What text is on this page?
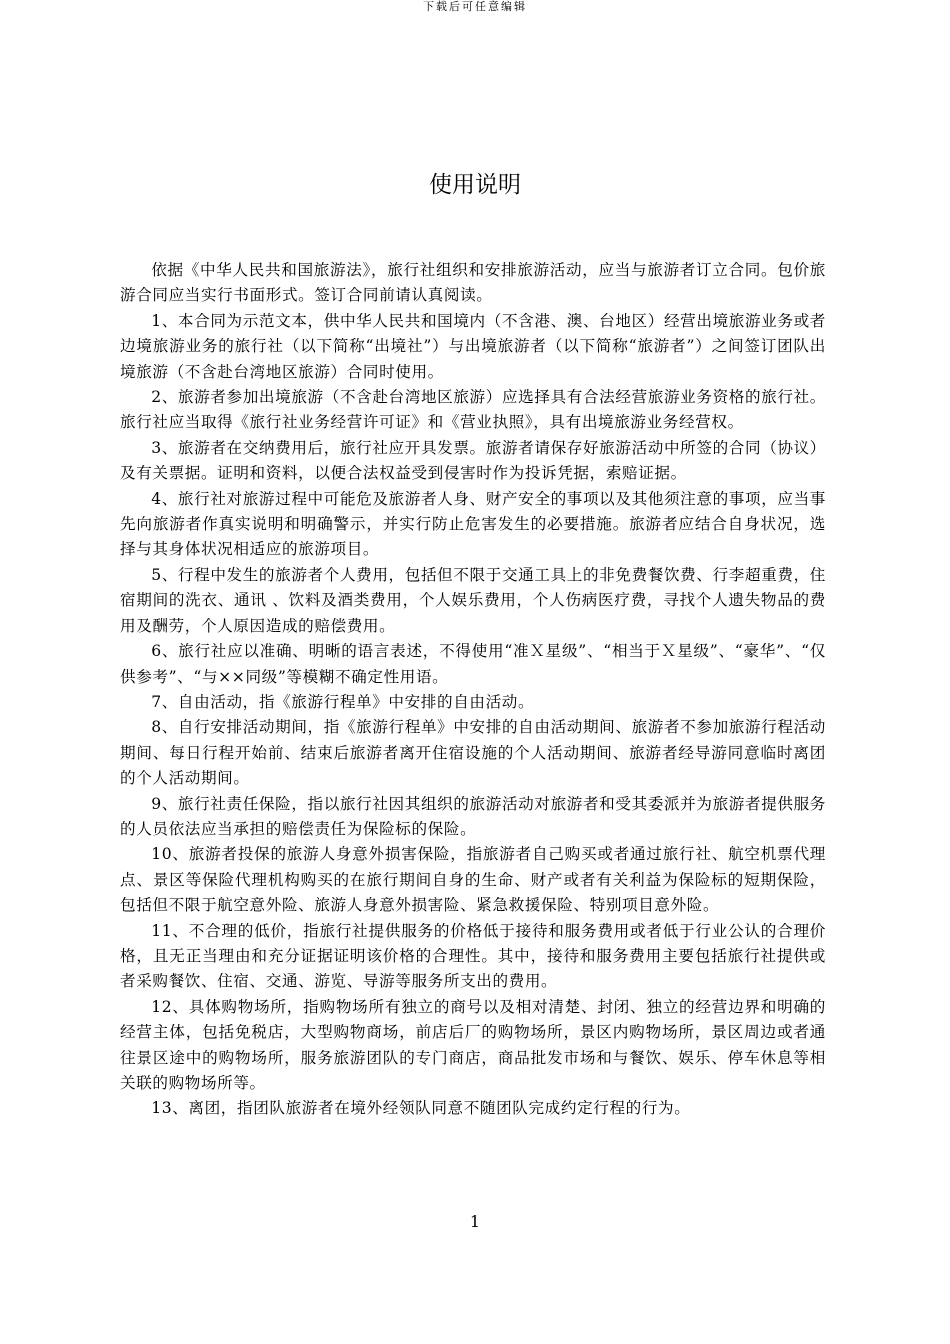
下载后可任意编辑
使用说明

依据《中华人民共和国旅游法》，旅行社组织和安排旅游活动，应当与旅游者订立合同。包价旅游合同应当实行书面形式。签订合同前请认真阅读。

1、本合同为示范文本，供中华人民共和国境内（不含港、澳、台地区）经营出境旅游业务或者边境旅游业务的旅行社（以下简称“出境社”）与出境旅游者（以下简称“旅游者”）之间签订团队出境旅游（不含赴台湾地区旅游）合同时使用。

2、旅游者参加出境旅游（不含赴台湾地区旅游）应选择具有合法经营旅游业务资格的旅行社。旅行社应当取得《旅行社业务经营许可证》和《营业执照》，具有出境旅游业务经营权。

3、旅游者在交纳费用后，旅行社应开具发票。旅游者请保存好旅游活动中所签的合同（协议）及有关票据。证明和资料，以便合法权益受到侵害时作为投诉凭据，索赔证据。

4、旅行社对旅游过程中可能危及旅游者人身、财产安全的事项以及其他须注意的事项，应当事先向旅游者作真实说明和明确警示，并实行防止危害发生的必要措施。旅游者应结合自身状况，选择与其身体状况相适应的旅游项目。

5、行程中发生的旅游者个人费用，包括但不限于交通工具上的非免费餐饮费、行李超重费，住宿期间的洗衣、通讯 、饮料及酒类费用，个人娱乐费用，个人伤病医疗费，寻找个人遗失物品的费用及酬劳，个人原因造成的赔偿费用。

6、旅行社应以准确、明晰的语言表述，不得使用“准Ｘ星级”、“相当于Ｘ星级”、“豪华”、“仅供参考”、“与××同级”等模糊不确定性用语。

7、自由活动，指《旅游行程单》中安排的自由活动。

8、自行安排活动期间，指《旅游行程单》中安排的自由活动期间、旅游者不参加旅游行程活动期间、每日行程开始前、结束后旅游者离开住宿设施的个人活动期间、旅游者经导游同意临时离团的个人活动期间。

9、旅行社责任保险，指以旅行社因其组织的旅游活动对旅游者和受其委派并为旅游者提供服务的人员依法应当承担的赔偿责任为保险标的保险。

10、旅游者投保的旅游人身意外损害保险，指旅游者自己购买或者通过旅行社、航空机票代理点、景区等保险代理机构购买的在旅行期间自身的生命、财产或者有关利益为保险标的短期保险，包括但不限于航空意外险、旅游人身意外损害险、紧急救援保险、特别项目意外险。

11、不合理的低价，指旅行社提供服务的价格低于接待和服务费用或者低于行业公认的合理价格，且无正当理由和充分证据证明该价格的合理性。其中，接待和服务费用主要包括旅行社提供或者采购餐饮、住宿、交通、游览、导游等服务所支出的费用。

12、具体购物场所，指购物场所有独立的商号以及相对清楚、封闭、独立的经营边界和明确的经营主体，包括免税店，大型购物商场，前店后厂的购物场所，景区内购物场所，景区周边或者通往景区途中的购物场所，服务旅游团队的专门商店，商品批发市场和与餐饮、娱乐、停车休息等相关联的购物场所等。

13、离团，指团队旅游者在境外经领队同意不随团队完成约定行程的行为。

1
